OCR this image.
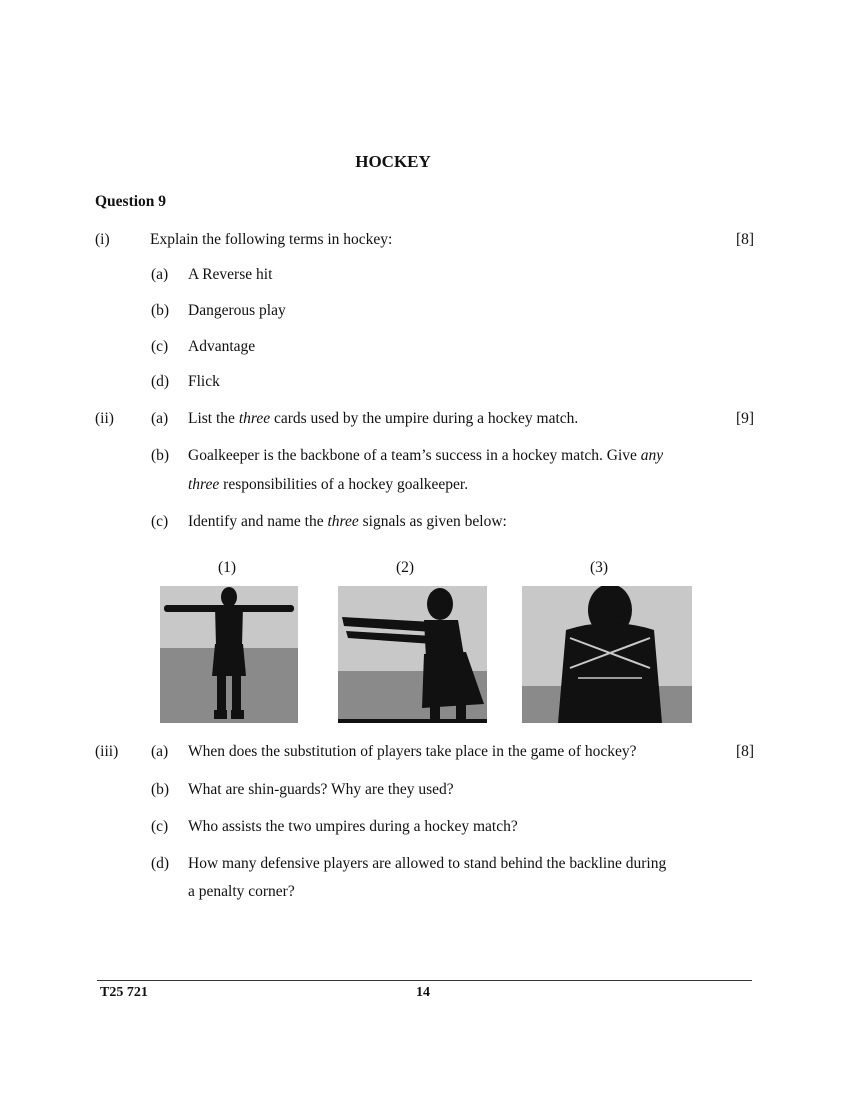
HOCKEY
Question 9
(i)	Explain the following terms in hockey:	[8]
(a) A Reverse hit
(b) Dangerous play
(c) Advantage
(d) Flick
(ii) (a) List the three cards used by the umpire during a hockey match.	[9]
(b) Goalkeeper is the backbone of a team’s success in a hockey match. Give any
three responsibilities of a hockey goalkeeper.
(c) Identify and name the three signals as given below:
(1)	(2)	(3)
(iii) (a) When does the substitution of players take place in the game of hockey?	[8]
(b) What are shin-guards? Why are they used?
(c) Who assists the two umpires during a hockey match?
(d) How many defensive players are allowed to stand behind the backline during
a penalty corner?
T25 721	14
